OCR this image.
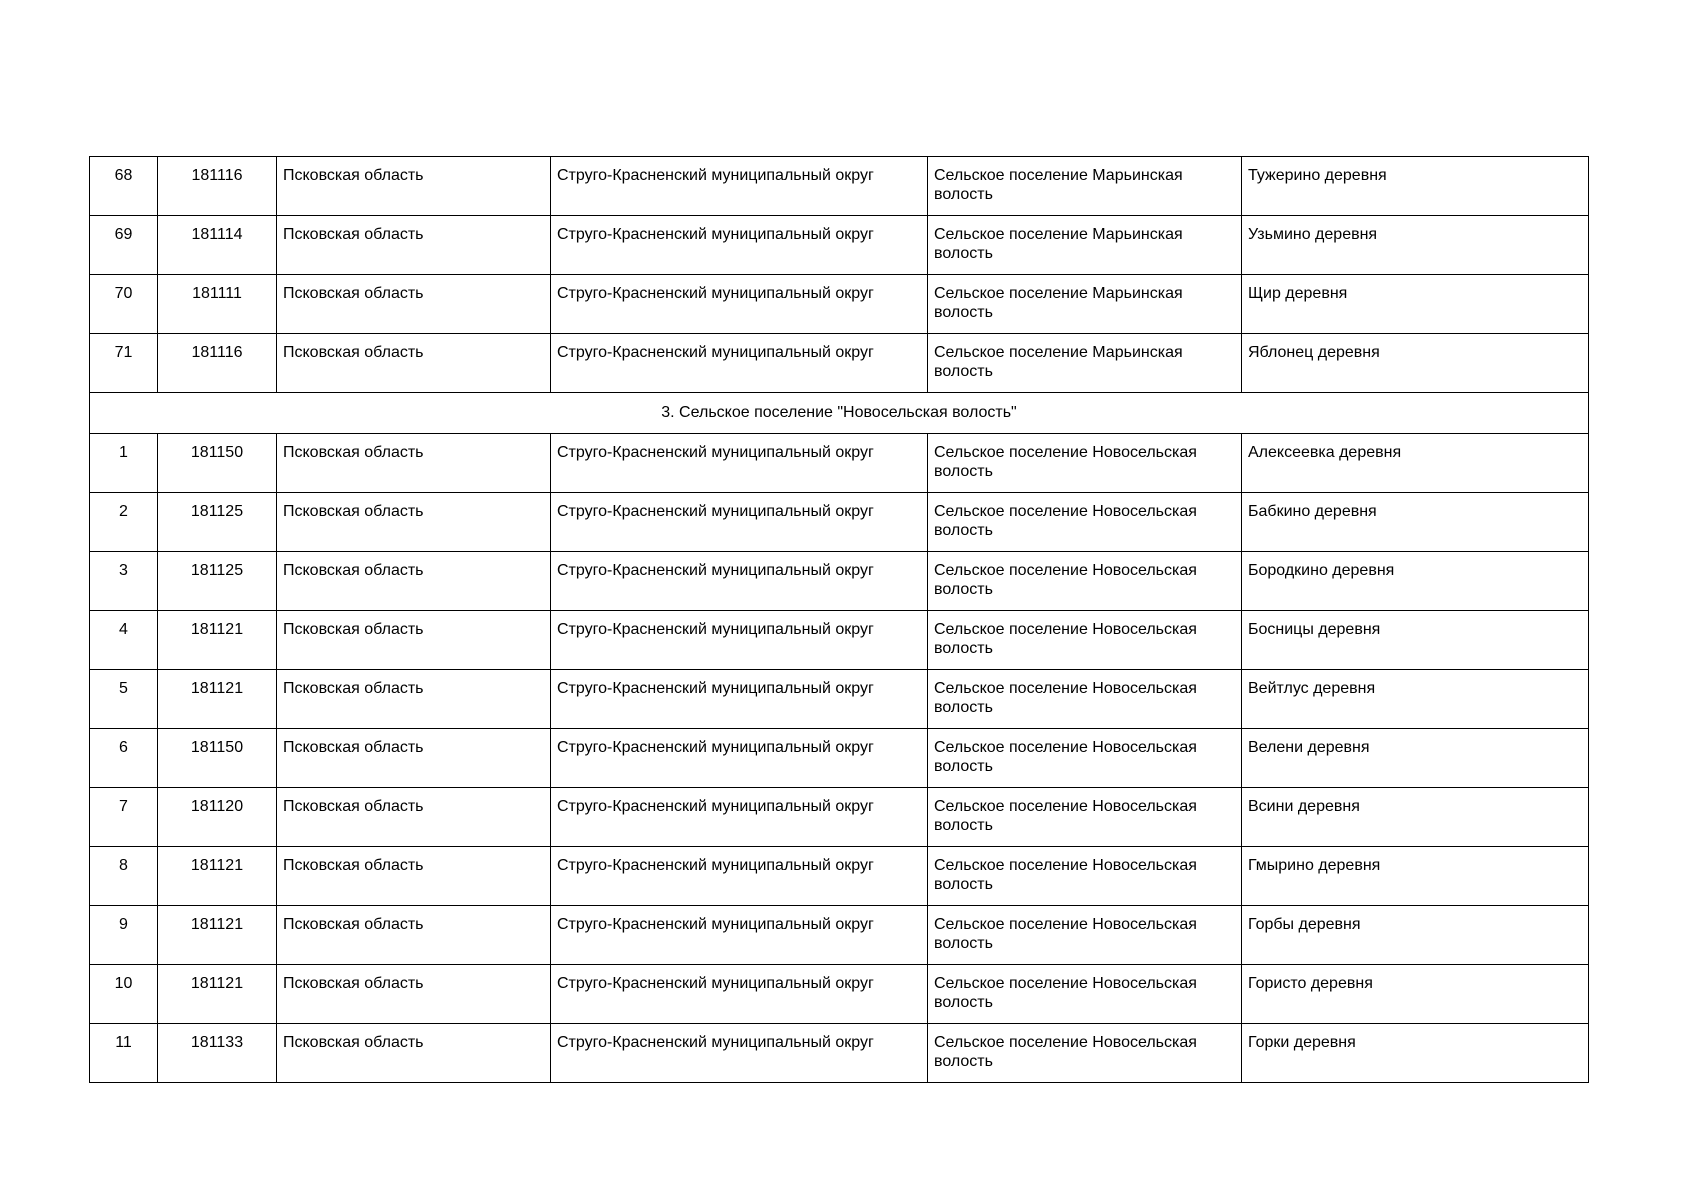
68	181116	Псковская область	Струго-Красненский муниципальный округ	Сельское поселение Марьинская волость	Тужерино деревня
69	181114	Псковская область	Струго-Красненский муниципальный округ	Сельское поселение Марьинская волость	Узьмино деревня
70	181111	Псковская область	Струго-Красненский муниципальный округ	Сельское поселение Марьинская волость	Щир деревня
71	181116	Псковская область	Струго-Красненский муниципальный округ	Сельское поселение Марьинская волость	Яблонец деревня
3. Сельское поселение "Новосельская волость"					
1	181150	Псковская область	Струго-Красненский муниципальный округ	Сельское поселение Новосельская волость	Алексеевка деревня
2	181125	Псковская область	Струго-Красненский муниципальный округ	Сельское поселение Новосельская волость	Бабкино деревня
3	181125	Псковская область	Струго-Красненский муниципальный округ	Сельское поселение Новосельская волость	Бородкино деревня
4	181121	Псковская область	Струго-Красненский муниципальный округ	Сельское поселение Новосельская волость	Босницы деревня
5	181121	Псковская область	Струго-Красненский муниципальный округ	Сельское поселение Новосельская волость	Вейтлус деревня
6	181150	Псковская область	Струго-Красненский муниципальный округ	Сельское поселение Новосельская волость	Велени деревня
7	181120	Псковская область	Струго-Красненский муниципальный округ	Сельское поселение Новосельская волость	Всини деревня
8	181121	Псковская область	Струго-Красненский муниципальный округ	Сельское поселение Новосельская волость	Гмырино деревня
9	181121	Псковская область	Струго-Красненский муниципальный округ	Сельское поселение Новосельская волость	Горбы деревня
10	181121	Псковская область	Струго-Красненский муниципальный округ	Сельское поселение Новосельская волость	Гористо деревня
11	181133	Псковская область	Струго-Красненский муниципальный округ	Сельское поселение Новосельская волость	Горки деревня
